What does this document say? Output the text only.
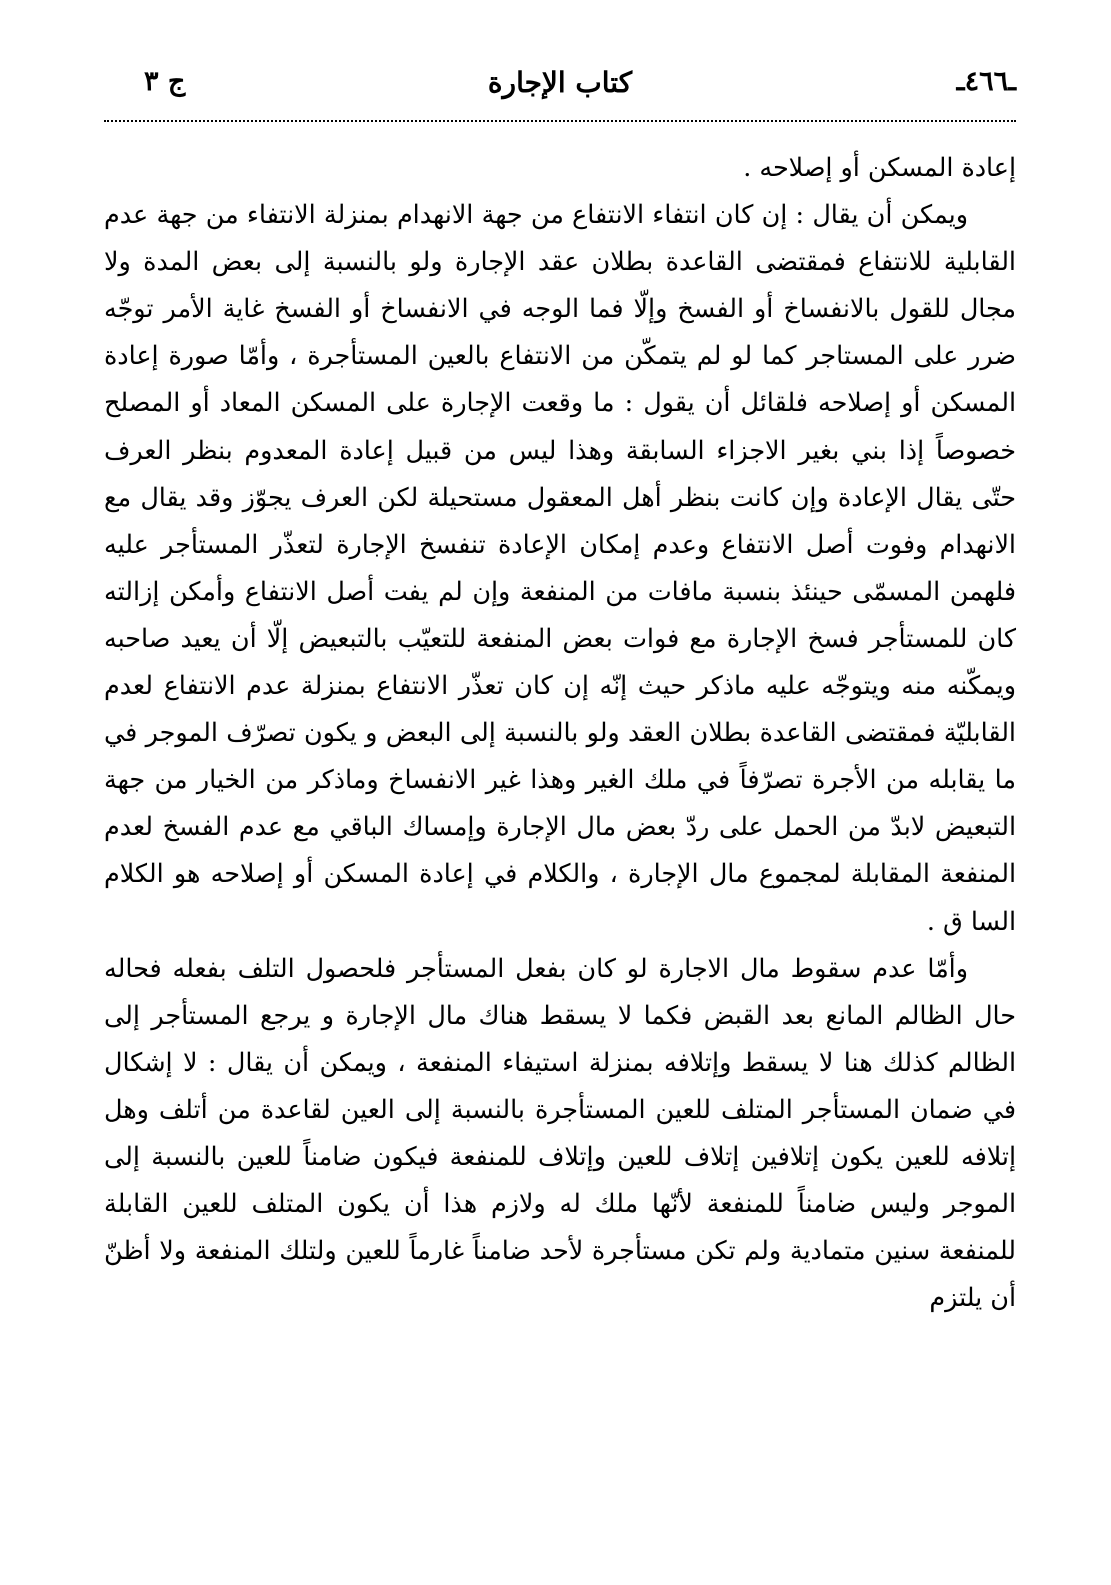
ـ٤٦٦ـ
كتاب الإجارة
ج ٣

إعادة المسكن أو إصلاحه .

ويمكن أن يقال : إن كان انتفاء الانتفاع من جهة الانهدام بمنزلة الانتفاء من جهة عدم القابلية للانتفاع فمقتضى القاعدة بطلان عقد الإجارة ولو بالنسبة إلى بعض المدة ولا مجال للقول بالانفساخ أو الفسخ وإلّا فما الوجه في الانفساخ أو الفسخ غاية الأمر توجّه ضرر على المستاجر كما لو لم يتمكّن من الانتفاع بالعين المستأجرة ، وأمّا صورة إعادة المسكن أو إصلاحه فلقائل أن يقول : ما وقعت الإجارة على المسكن المعاد أو المصلح خصوصاً إذا بني بغير الاجزاء السابقة وهذا ليس من قبيل إعادة المعدوم بنظر العرف حتّى يقال الإعادة وإن كانت بنظر أهل المعقول مستحيلة لكن العرف يجوّز وقد يقال مع الانهدام وفوت أصل الانتفاع وعدم إمكان الإعادة تنفسخ الإجارة لتعذّر المستأجر عليه فلهمن المسمّى حينئذ بنسبة مافات من المنفعة وإن لم يفت أصل الانتفاع وأمكن إزالته كان للمستأجر فسخ الإجارة مع فوات بعض المنفعة للتعيّب بالتبعيض إلّا أن يعيد صاحبه ويمكّنه منه ويتوجّه عليه ماذكر حيث إنّه إن كان تعذّر الانتفاع بمنزلة عدم الانتفاع لعدم القابليّة فمقتضى القاعدة بطلان العقد ولو بالنسبة إلى البعض و يكون تصرّف الموجر في ما يقابله من الأجرة تصرّفاً في ملك الغير وهذا غير الانفساخ وماذكر من الخيار من جهة التبعيض لابدّ من الحمل على ردّ بعض مال الإجارة وإمساك الباقي مع عدم الفسخ لعدم المنفعة المقابلة لمجموع مال الإجارة ، والكلام في إعادة المسكن أو إصلاحه هو الكلام السا ق .

وأمّا عدم سقوط مال الاجارة لو كان بفعل المستأجر فلحصول التلف بفعله فحاله حال الظالم المانع بعد القبض فكما لا يسقط هناك مال الإجارة و يرجع المستأجر إلى الظالم كذلك هنا لا يسقط وإتلافه بمنزلة استيفاء المنفعة ، ويمكن أن يقال : لا إشكال في ضمان المستأجر المتلف للعين المستأجرة بالنسبة إلى العين لقاعدة من أتلف وهل إتلافه للعين يكون إتلافين إتلاف للعين وإتلاف للمنفعة فيكون ضامناً للعين بالنسبة إلى الموجر وليس ضامناً للمنفعة لأنّها ملك له ولازم هذا أن يكون المتلف للعين القابلة للمنفعة سنين متمادية ولم تكن مستأجرة لأحد ضامناً غارماً للعين ولتلك المنفعة ولا أظنّ أن يلتزم
